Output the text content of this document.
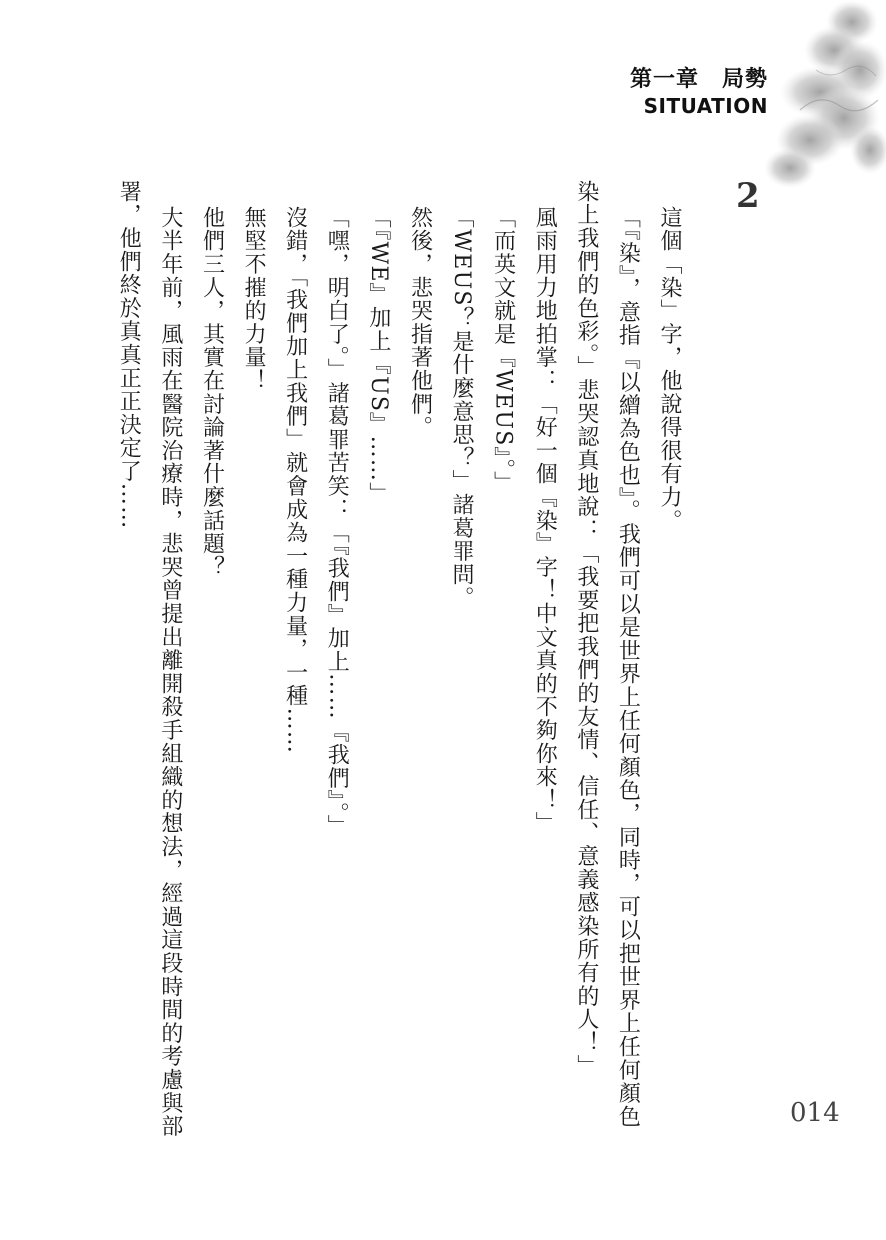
第一章　局勢
SITUATION
2

這個「染」字，他說得很有力。

「『染』，意指『以繒為色也』。我們可以是世界上任何顏色，同時，可以把世界上任何顏色染上我們的色彩。」悲哭認真地說：「我要把我們的友情、信任、意義感染所有的人！」

風雨用力地拍掌：「好一個『染』字！中文真的不夠你來！」

「而英文就是『WEUS』。」

「WEUS？是什麼意思？」諸葛罪問。

然後，悲哭指著他們。

「『WE』加上『US』……」

「嘿，明白了。」諸葛罪苦笑：「『我們』加上……『我們』。」

沒錯，「我們加上我們」就會成為一種力量，一種……

無堅不摧的力量！

他們三人，其實在討論著什麼話題？

大半年前，風雨在醫院治療時，悲哭曾提出離開殺手組織的想法，經過這段時間的考慮與部署，他們終於真真正正決定了……

014
